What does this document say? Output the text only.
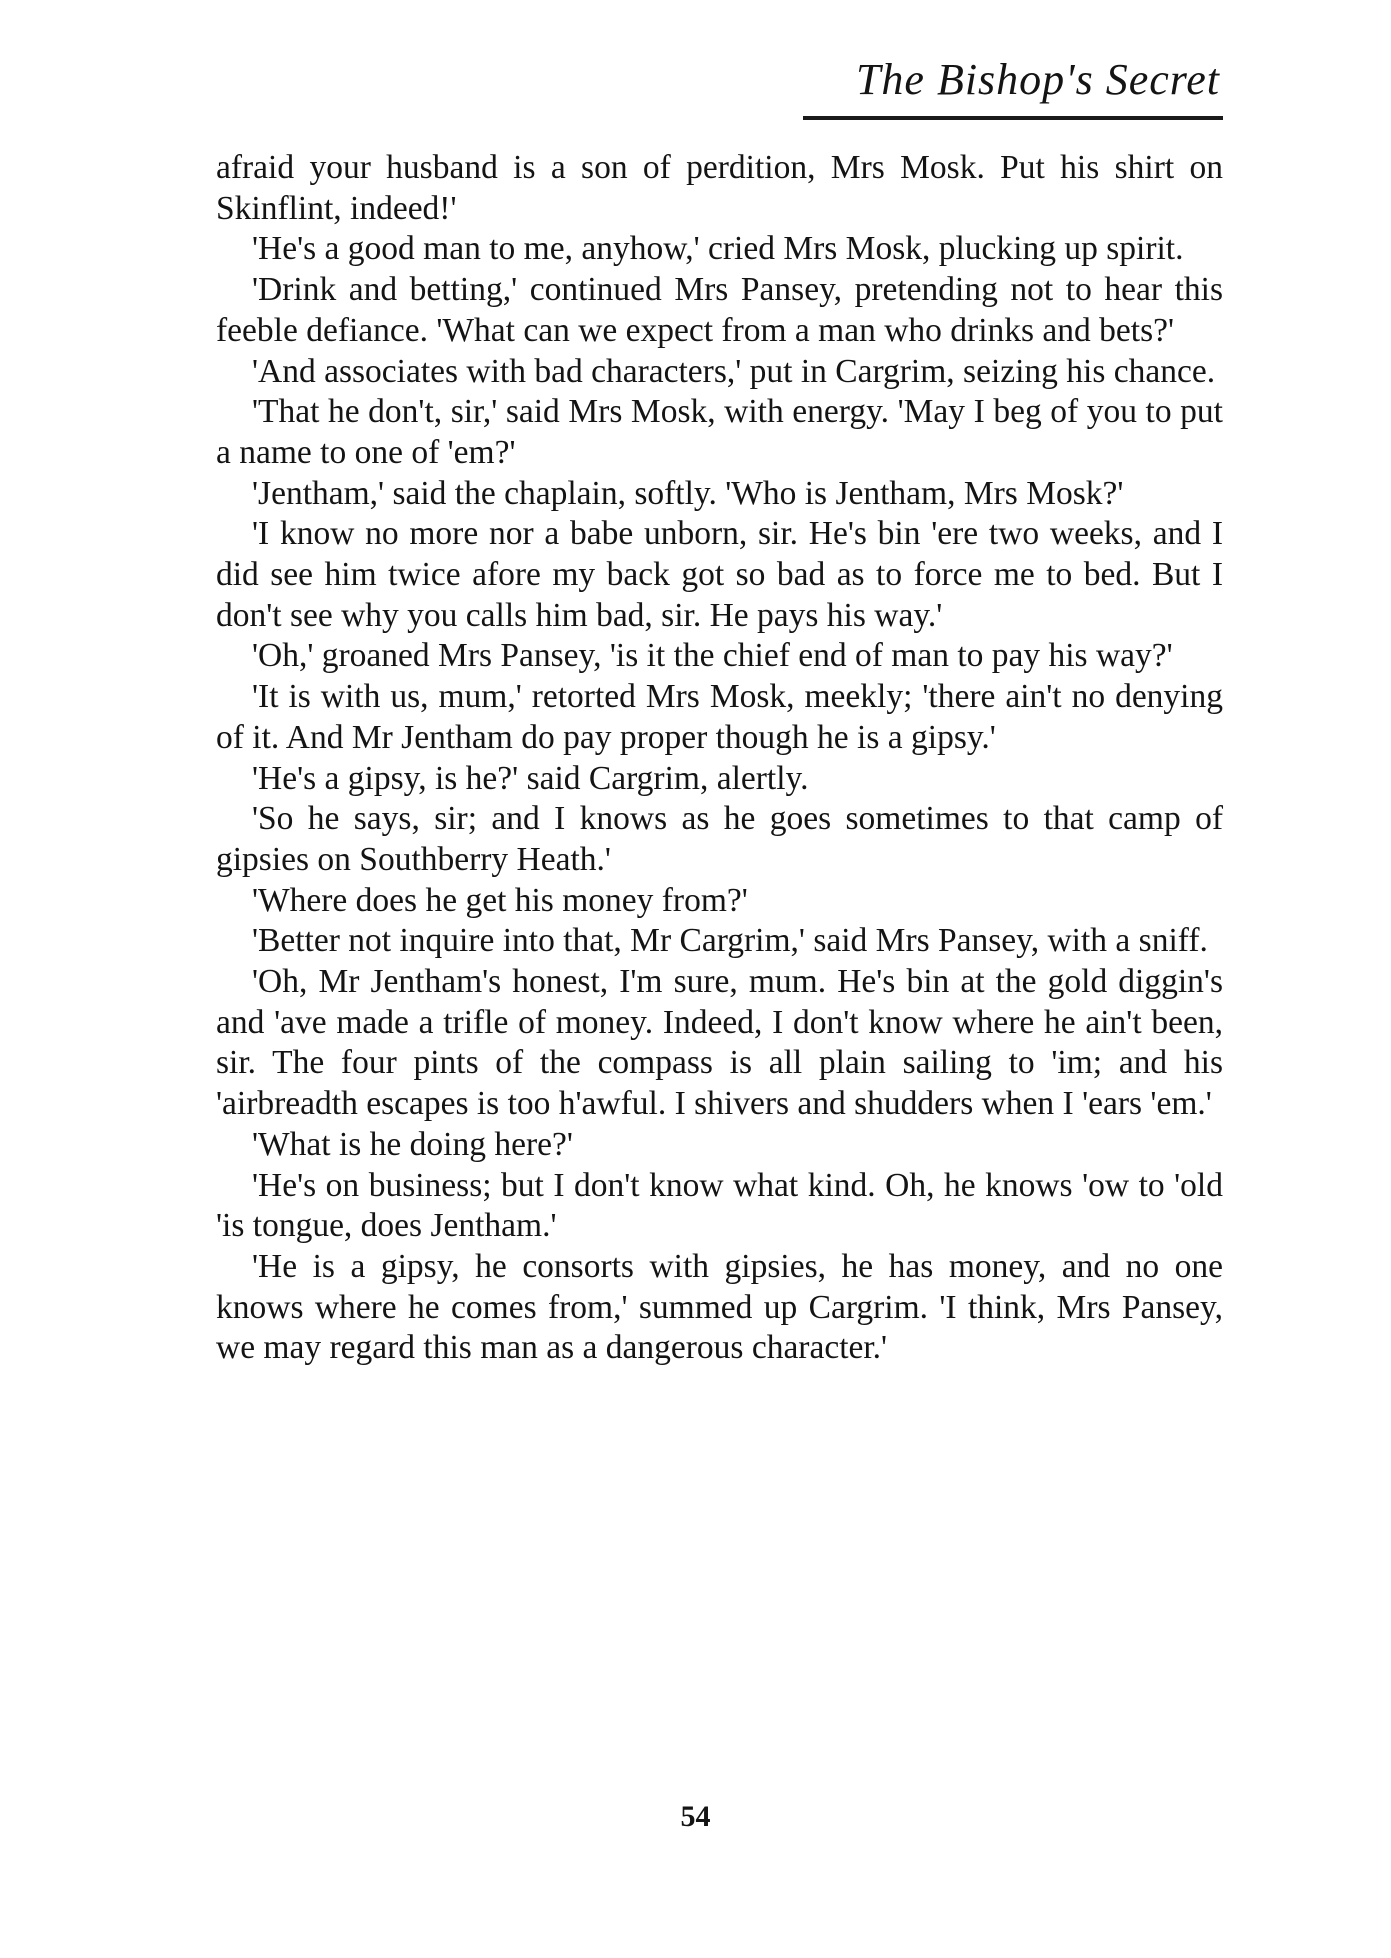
The Bishop's Secret

afraid your husband is a son of perdition, Mrs Mosk. Put his shirt on Skinflint, indeed!'

'He's a good man to me, anyhow,' cried Mrs Mosk, plucking up spirit.

'Drink and betting,' continued Mrs Pansey, pretending not to hear this feeble defiance. 'What can we expect from a man who drinks and bets?'

'And associates with bad characters,' put in Cargrim, seizing his chance.

'That he don't, sir,' said Mrs Mosk, with energy. 'May I beg of you to put a name to one of 'em?'

'Jentham,' said the chaplain, softly. 'Who is Jentham, Mrs Mosk?'

'I know no more nor a babe unborn, sir. He's bin 'ere two weeks, and I did see him twice afore my back got so bad as to force me to bed. But I don't see why you calls him bad, sir. He pays his way.'

'Oh,' groaned Mrs Pansey, 'is it the chief end of man to pay his way?'

'It is with us, mum,' retorted Mrs Mosk, meekly; 'there ain't no denying of it. And Mr Jentham do pay proper though he is a gipsy.'

'He's a gipsy, is he?' said Cargrim, alertly.

'So he says, sir; and I knows as he goes sometimes to that camp of gipsies on Southberry Heath.'

'Where does he get his money from?'

'Better not inquire into that, Mr Cargrim,' said Mrs Pansey, with a sniff.

'Oh, Mr Jentham's honest, I'm sure, mum. He's bin at the gold diggin's and 'ave made a trifle of money. Indeed, I don't know where he ain't been, sir. The four pints of the compass is all plain sailing to 'im; and his 'airbreadth escapes is too h'awful. I shivers and shudders when I 'ears 'em.'

'What is he doing here?'

'He's on business; but I don't know what kind. Oh, he knows 'ow to 'old 'is tongue, does Jentham.'

'He is a gipsy, he consorts with gipsies, he has money, and no one knows where he comes from,' summed up Cargrim. 'I think, Mrs Pansey, we may regard this man as a dangerous character.'

54
